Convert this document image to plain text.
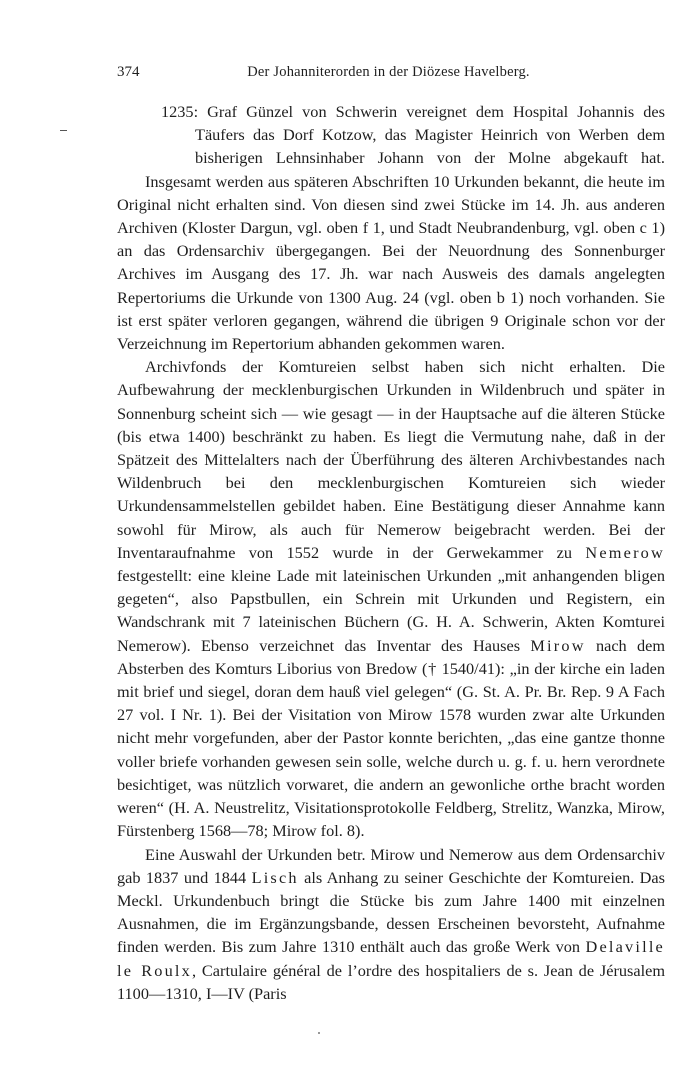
374	Der Johanniterorden in der Diözese Havelberg.
1235: Graf Günzel von Schwerin vereignet dem Hospital Johannis des
Täufers das Dorf Kotzow, das Magister Heinrich von Werben dem
bisherigen Lehnsinhaber Johann von der Molne abgekauft hat.

Insgesamt werden aus späteren Abschriften 10 Urkunden bekannt, die heute im Original nicht erhalten sind. Von diesen sind zwei Stücke im 14. Jh. aus anderen Archiven (Kloster Dargun, vgl. oben f 1, und Stadt Neubrandenburg, vgl. oben c 1) an das Ordensarchiv übergegangen. Bei der Neuordnung des Sonnenburger Archives im Ausgang des 17. Jh. war nach Ausweis des damals angelegten Repertoriums die Urkunde von 1300 Aug. 24 (vgl. oben b 1) noch vorhanden. Sie ist erst später verloren gegangen, während die übrigen 9 Originale schon vor der Verzeichnung im Repertorium abhanden gekommen waren.

Archivfonds der Komtureien selbst haben sich nicht erhalten. Die Aufbewahrung der mecklenburgischen Urkunden in Wildenbruch und später in Sonnenburg scheint sich — wie gesagt — in der Hauptsache auf die älteren Stücke (bis etwa 1400) beschränkt zu haben. Es liegt die Vermutung nahe, daß in der Spätzeit des Mittelalters nach der Überführung des älteren Archivbestandes nach Wildenbruch bei den mecklenburgischen Komtureien sich wieder Urkundensammelstellen gebildet haben. Eine Bestätigung dieser Annahme kann sowohl für Mirow, als auch für Nemerow beigebracht werden. Bei der Inventaraufnahme von 1552 wurde in der Gerwekammer zu Nemerow festgestellt: eine kleine Lade mit lateinischen Urkunden „mit anhangenden bligen gegeten“, also Papstbullen, ein Schrein mit Urkunden und Registern, ein Wandschrank mit 7 lateinischen Büchern (G. H. A. Schwerin, Akten Komturei Nemerow). Ebenso verzeichnet das Inventar des Hauses Mirow nach dem Absterben des Komturs Liborius von Bredow († 1540/41): „in der kirche ein laden mit brief und siegel, doran dem hauß viel gelegen“ (G. St. A. Pr. Br. Rep. 9 A Fach 27 vol. I Nr. 1). Bei der Visitation von Mirow 1578 wurden zwar alte Urkunden nicht mehr vorgefunden, aber der Pastor konnte berichten, „das eine gantze thonne voller briefe vorhanden gewesen sein solle, welche durch u. g. f. u. hern verordnete besichtiget, was nützlich vorwaret, die andern an gewonliche orthe bracht worden weren“ (H. A. Neustrelitz, Visitationsprotokolle Feldberg, Strelitz, Wanzka, Mirow, Fürstenberg 1568—78; Mirow fol. 8).

Eine Auswahl der Urkunden betr. Mirow und Nemerow aus dem Ordensarchiv gab 1837 und 1844 Lisch als Anhang zu seiner Geschichte der Komtureien. Das Meckl. Urkundenbuch bringt die Stücke bis zum Jahre 1400 mit einzelnen Ausnahmen, die im Ergänzungsbande, dessen Erscheinen bevorsteht, Aufnahme finden werden. Bis zum Jahre 1310 enthält auch das große Werk von Delaville le Roulx, Cartulaire général de l’ordre des hospitaliers de s. Jean de Jérusalem 1100—1310, I—IV (Paris
